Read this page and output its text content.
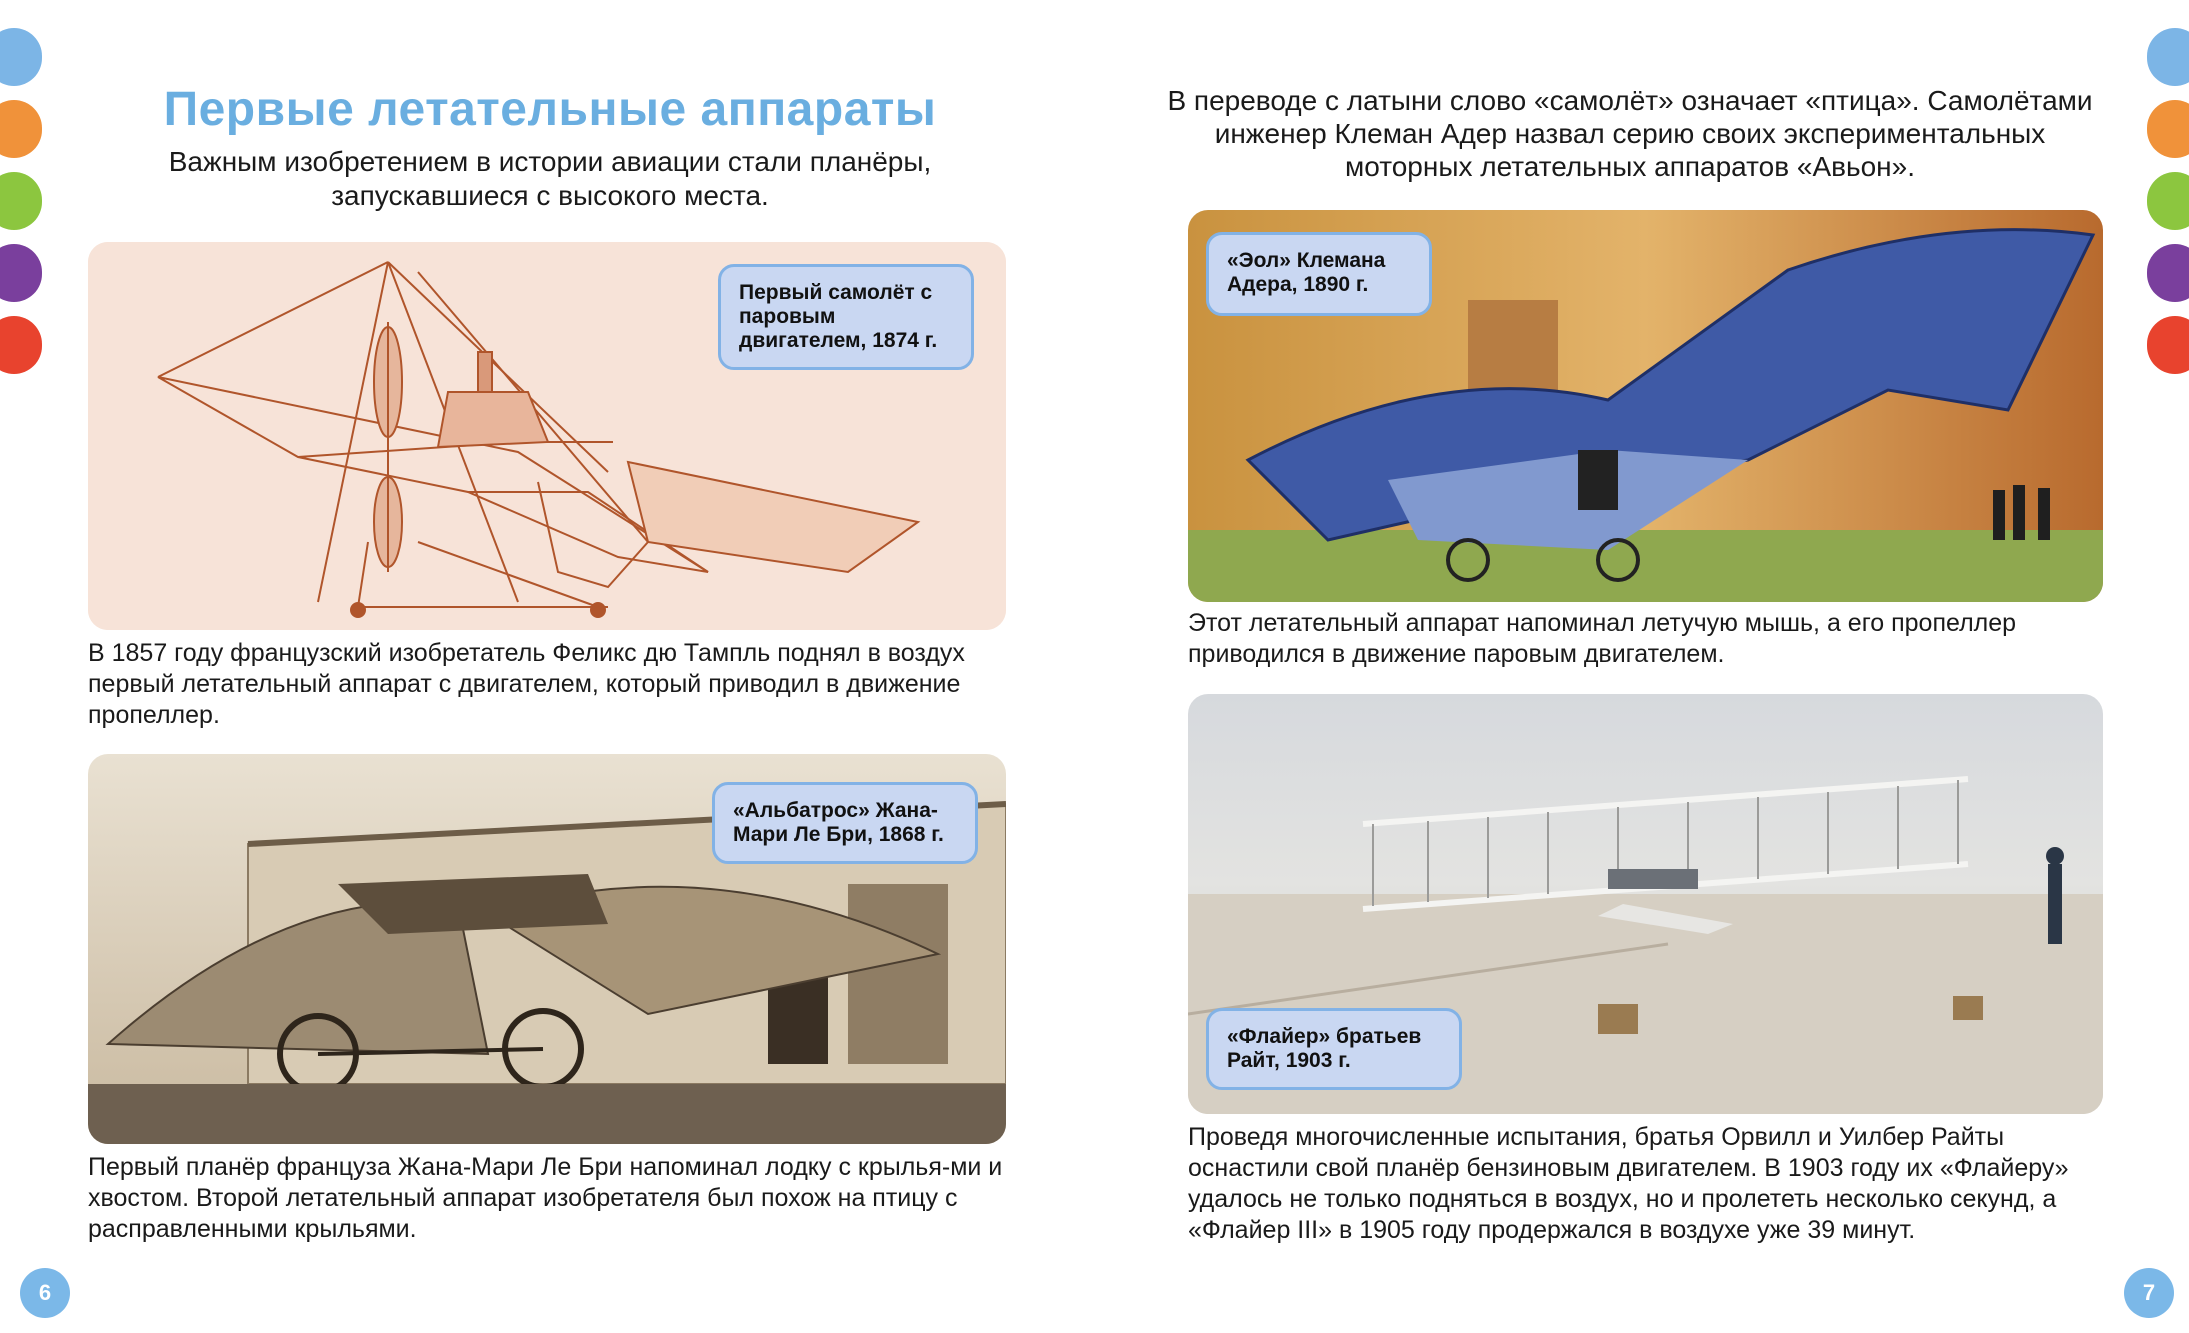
Первые летательные аппараты
Важным изобретением в истории авиации стали планёры, запускавшиеся с высокого места.
Первый самолёт с паровым двигателем, 1874 г.
В 1857 году французский изобретатель Феликс дю Тампль поднял в воздух первый летательный аппарат с двигателем, который приводил в движение пропеллер.
«Альбатрос» Жана-Мари Ле Бри, 1868 г.
Первый планёр француза Жана-Мари Ле Бри напоминал лодку с крылья-ми и хвостом. Второй летательный аппарат изобретателя был похож на птицу с расправленными крыльями.
6
В переводе с латыни слово «самолёт» означает «птица». Самолётами инженер Клеман Адер назвал серию своих экспериментальных моторных летательных аппаратов «Авьон».
«Эол» Клемана Адера, 1890 г.
Этот летательный аппарат напоминал летучую мышь, а его пропеллер приводился в движение паровым двигателем.
«Флайер» братьев Райт, 1903 г.
Проведя многочисленные испытания, братья Орвилл и Уилбер Райты оснастили свой планёр бензиновым двигателем. В 1903 году их «Флайеру» удалось не только подняться в воздух, но и пролететь несколько секунд, а «Флайер III» в 1905 году продержался в воздухе уже 39 минут.
7
